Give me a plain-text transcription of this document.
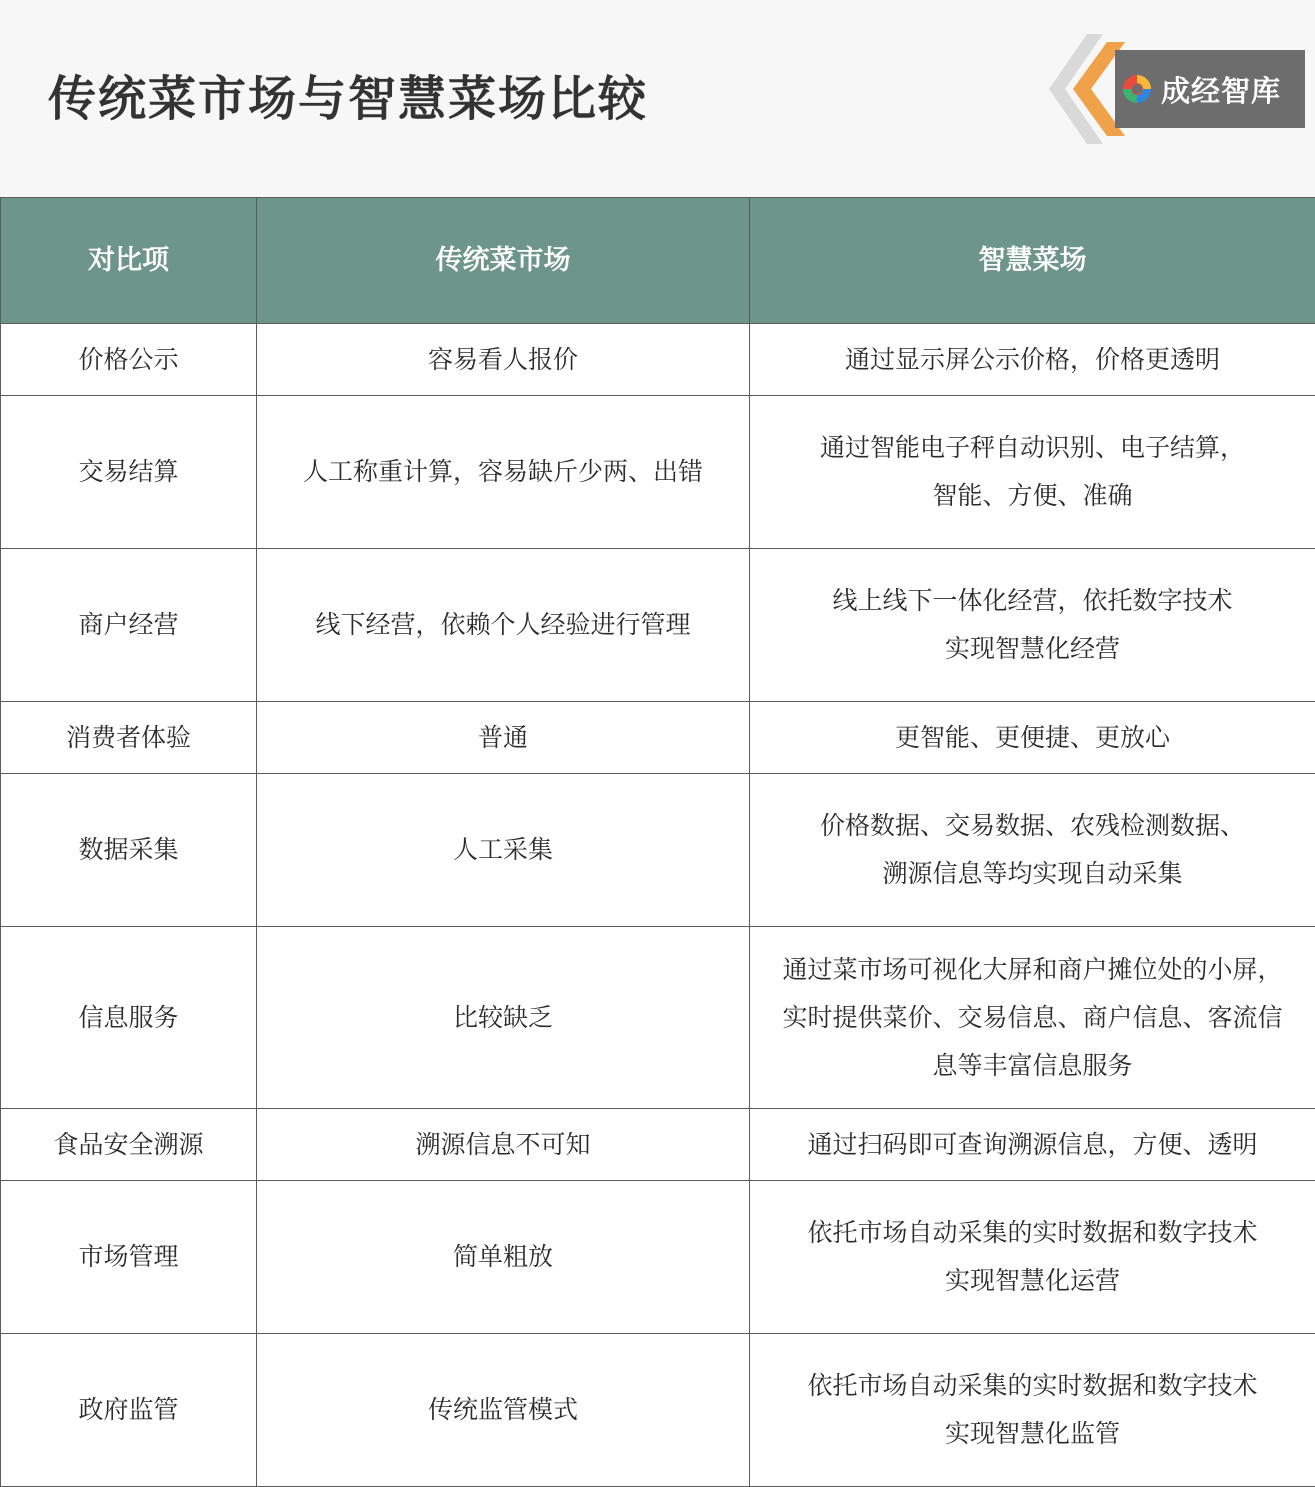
传统菜市场与智慧菜场比较	成经智库
对比项	传统菜市场	智慧菜场
价格公示	容易看人报价	通过显示屏公示价格，价格更透明
交易结算	人工称重计算，容易缺斤少两、出错	通过智能电子秤自动识别、电子结算，
智能、方便、准确
商户经营	线下经营，依赖个人经验进行管理	线上线下一体化经营，依托数字技术
实现智慧化经营
消费者体验	普通	更智能、更便捷、更放心
数据采集	人工采集	价格数据、交易数据、农残检测数据、
溯源信息等均实现自动采集
信息服务	比较缺乏	通过菜市场可视化大屏和商户摊位处的小屏，
实时提供菜价、交易信息、商户信息、客流信
息等丰富信息服务
食品安全溯源	溯源信息不可知	通过扫码即可查询溯源信息，方便、透明
市场管理	简单粗放	依托市场自动采集的实时数据和数字技术
实现智慧化运营
政府监管	传统监管模式	依托市场自动采集的实时数据和数字技术
实现智慧化监管
